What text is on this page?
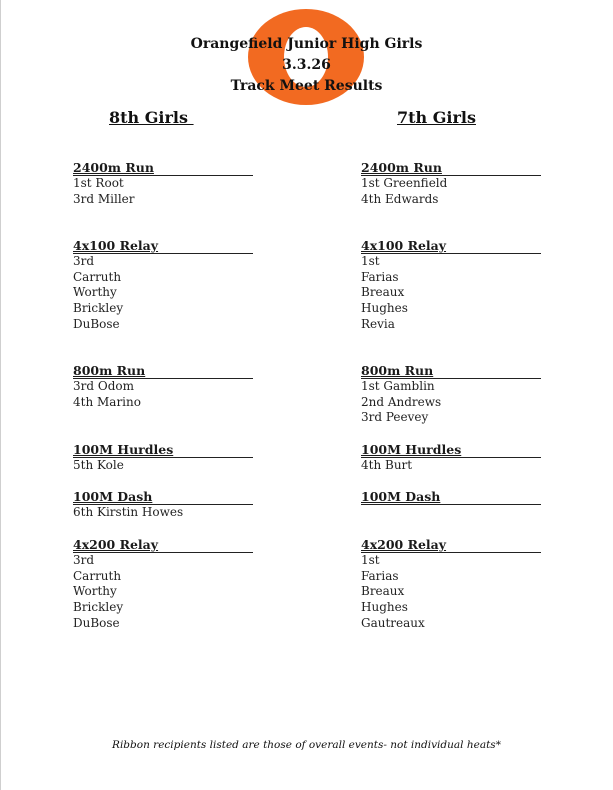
Orangefield Junior High Girls
3.3.26
Track Meet Results
8th Girls	7th Girls
2400m Run
1st Root
3rd Miller
4x100 Relay
3rd
Carruth
Worthy
Brickley
DuBose
800m Run
3rd Odom
4th Marino
100M Hurdles
5th Kole
100M Dash
6th Kirstin Howes
4x200 Relay
3rd
Carruth
Worthy
Brickley
DuBose
2400m Run
1st Greenfield
4th Edwards
4x100 Relay
1st
Farias
Breaux
Hughes
Revia
800m Run
1st Gamblin
2nd Andrews
3rd Peevey
100M Hurdles
4th Burt
100M Dash
4x200 Relay
1st
Farias
Breaux
Hughes
Gautreaux
Ribbon recipients listed are those of overall events- not individual heats*
